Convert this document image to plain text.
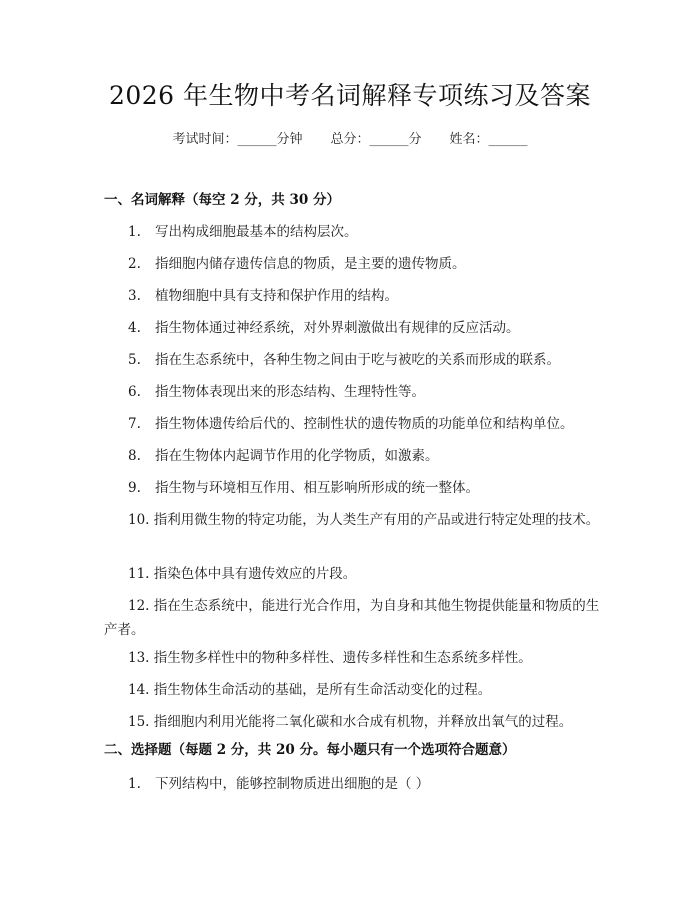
2026 年生物中考名词解释专项练习及答案
考试时间：______分钟 总分：______分 姓名：______
一、名词解释（每空 2 分，共 30 分）
1. 写出构成细胞最基本的结构层次。
2. 指细胞内储存遗传信息的物质，是主要的遗传物质。
3. 植物细胞中具有支持和保护作用的结构。
4. 指生物体通过神经系统，对外界刺激做出有规律的反应活动。
5. 指在生态系统中，各种生物之间由于吃与被吃的关系而形成的联系。
6. 指生物体表现出来的形态结构、生理特性等。
7. 指生物体遗传给后代的、控制性状的遗传物质的功能单位和结构单位。
8. 指在生物体内起调节作用的化学物质，如激素。
9. 指生物与环境相互作用、相互影响所形成的统一整体。
10. 指利用微生物的特定功能，为人类生产有用的产品或进行特定处理的技术。
11. 指染色体中具有遗传效应的片段。
12. 指在生态系统中，能进行光合作用，为自身和其他生物提供能量和物质的生产者。
13. 指生物多样性中的物种多样性、遗传多样性和生态系统多样性。
14. 指生物体生命活动的基础，是所有生命活动变化的过程。
15. 指细胞内利用光能将二氧化碳和水合成有机物，并释放出氧气的过程。
二、选择题（每题 2 分，共 20 分。每小题只有一个选项符合题意）
1. 下列结构中，能够控制物质进出细胞的是（ ）
